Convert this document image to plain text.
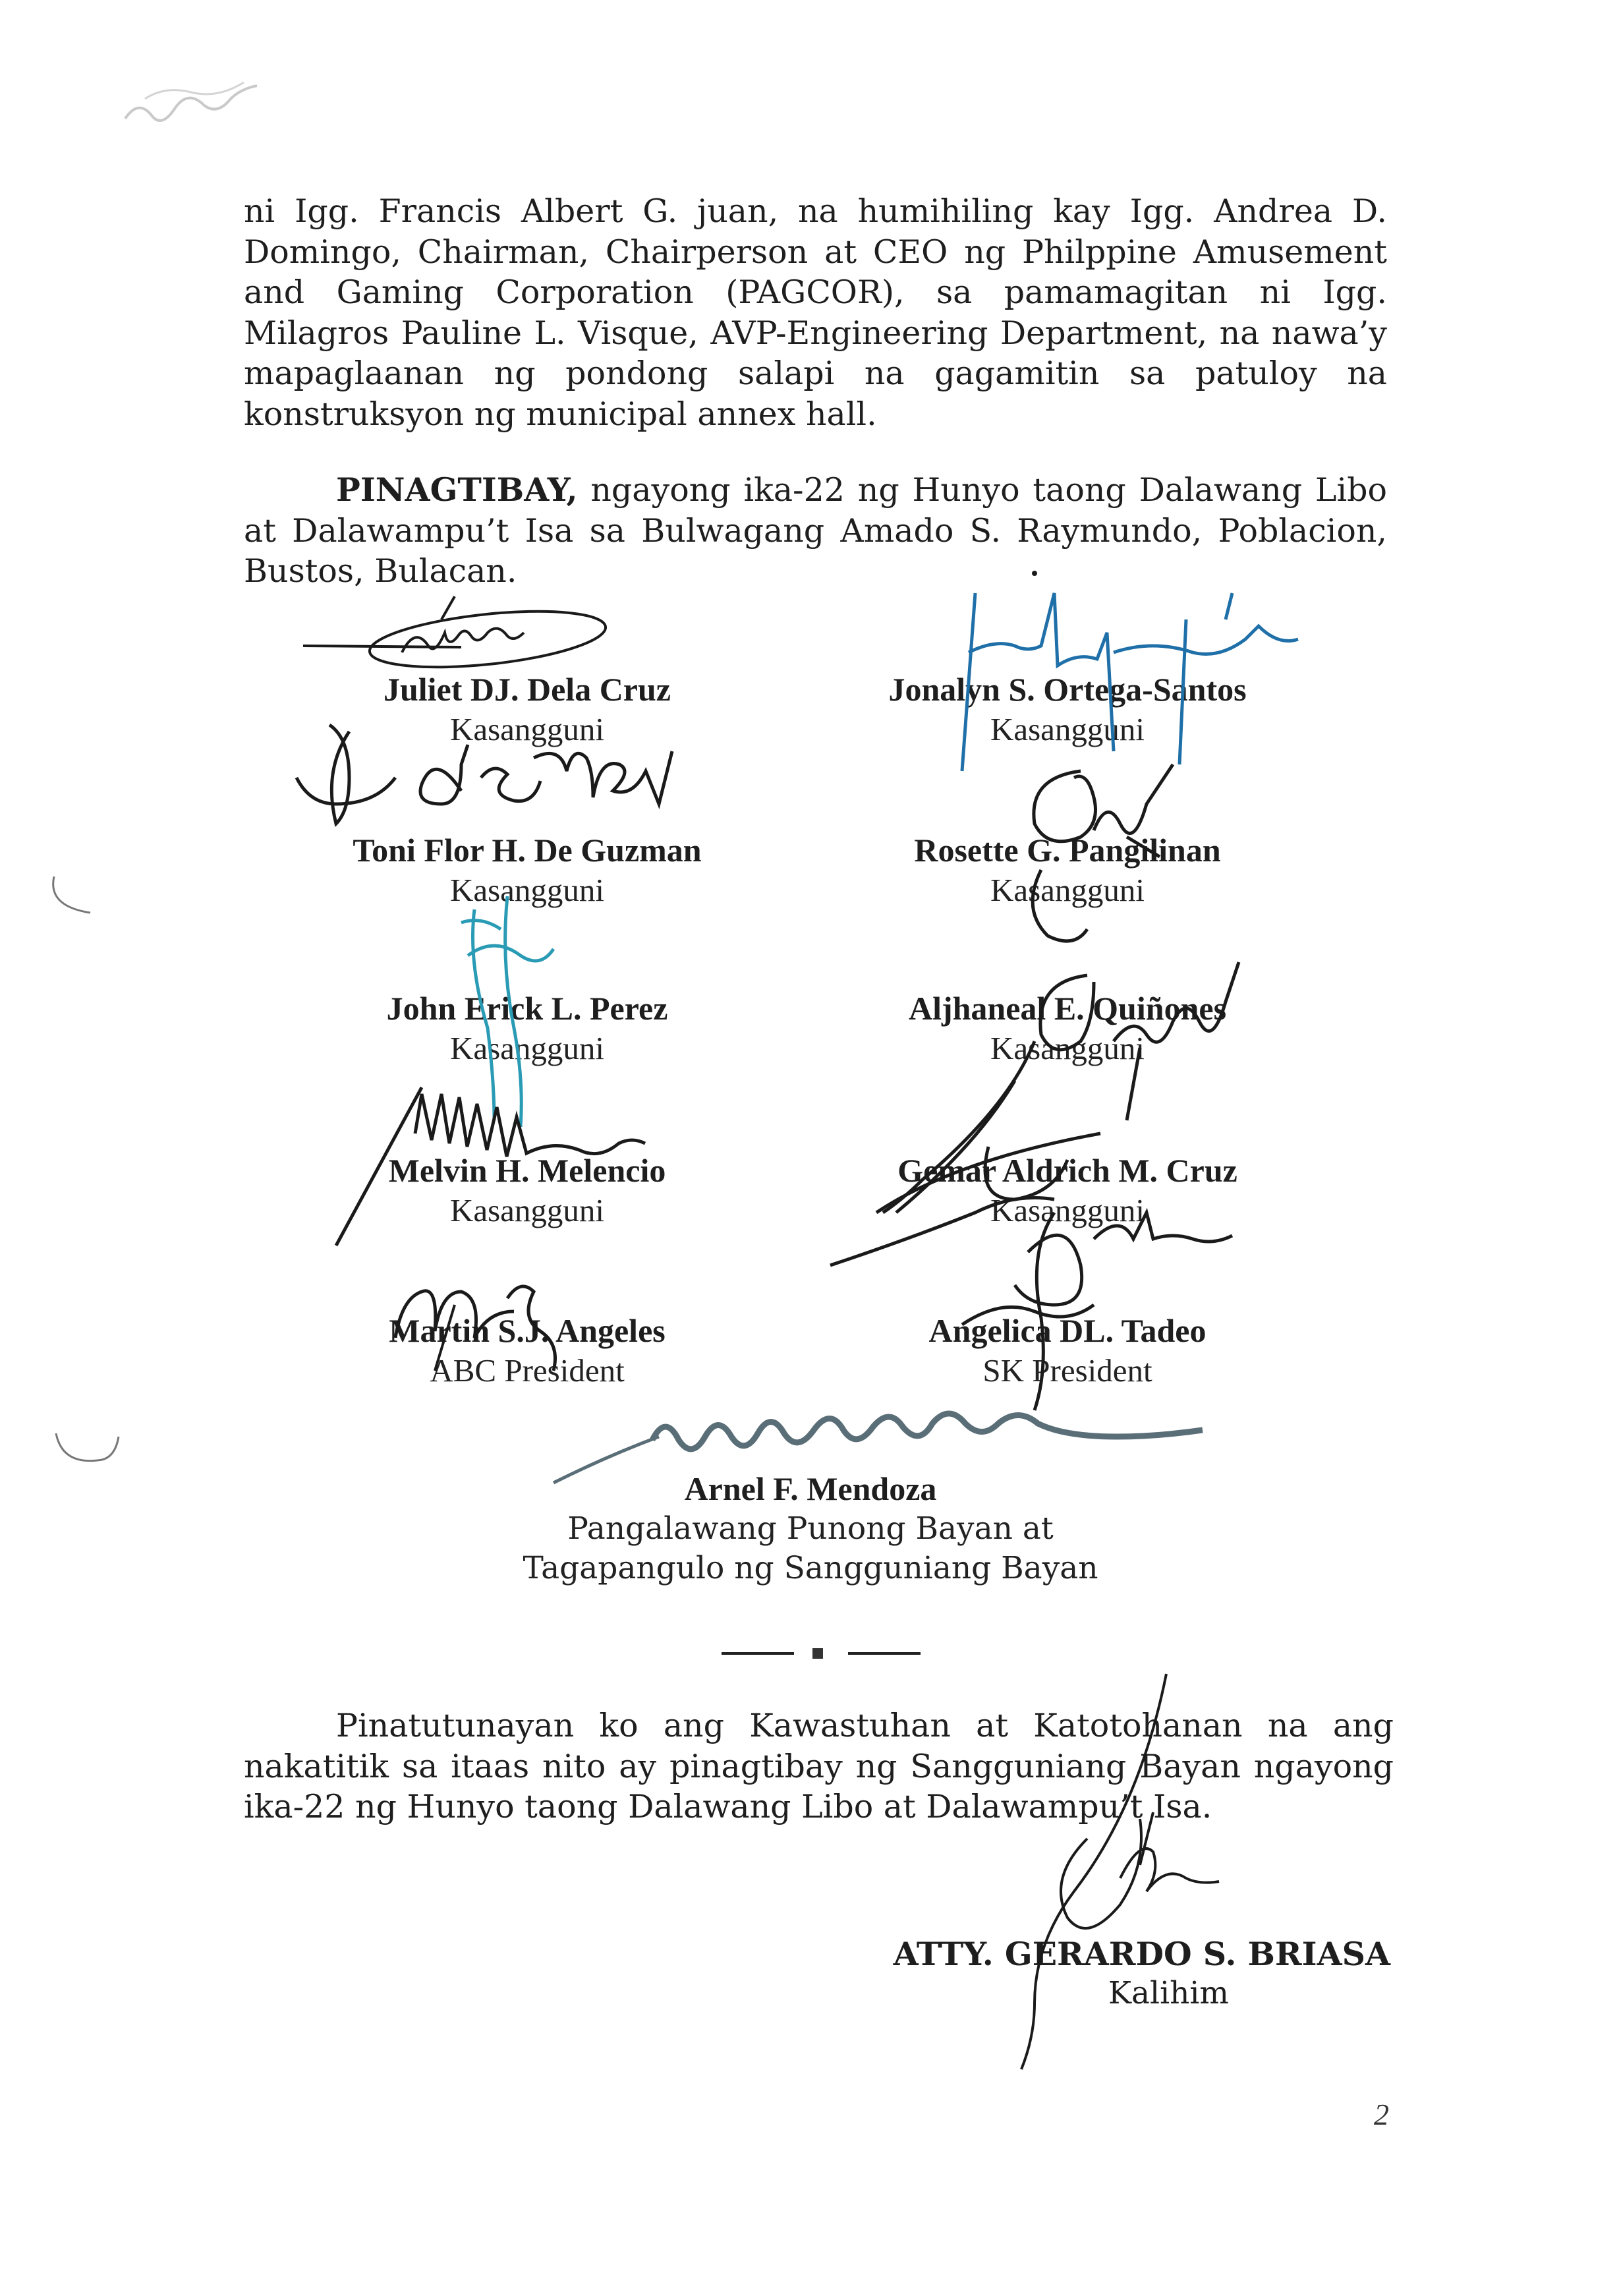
ni Igg. Francis Albert G. juan, na humihiling kay Igg. Andrea D. Domingo, Chairman, Chairperson at CEO ng Philppine Amusement and Gaming Corporation (PAGCOR), sa pamamagitan ni Igg. Milagros Pauline L. Visque, AVP-Engineering Department, na nawa’y mapaglaanan ng pondong salapi na gagamitin sa patuloy na konstruksyon ng municipal annex hall.

PINAGTIBAY, ngayong ika-22 ng Hunyo taong Dalawang Libo at Dalawampu’t Isa sa Bulwagang Amado S. Raymundo, Poblacion, Bustos, Bulacan.

Juliet DJ. Dela Cruz
Kasangguni
Jonalyn S. Ortega-Santos
Kasangguni
Toni Flor H. De Guzman
Kasangguni
Rosette G. Pangilinan
Kasangguni
John Erick L. Perez
Kasangguni
Aljhaneal E. Quiñones
Kasangguni
Melvin H. Melencio
Kasangguni
Gemar Aldrich M. Cruz
Kasangguni
Martin S.J. Angeles
ABC President
Angelica DL. Tadeo
SK President
Arnel F. Mendoza
Pangalawang Punong Bayan at
Tagapangulo ng Sangguniang Bayan

Pinatutunayan ko ang Kawastuhan at Katotohanan na ang nakatitik sa itaas nito ay pinagtibay ng Sangguniang Bayan ngayong ika-22 ng Hunyo taong Dalawang Libo at Dalawampu’t Isa.

ATTY. GERARDO S. BRIASA
Kalihim
2
